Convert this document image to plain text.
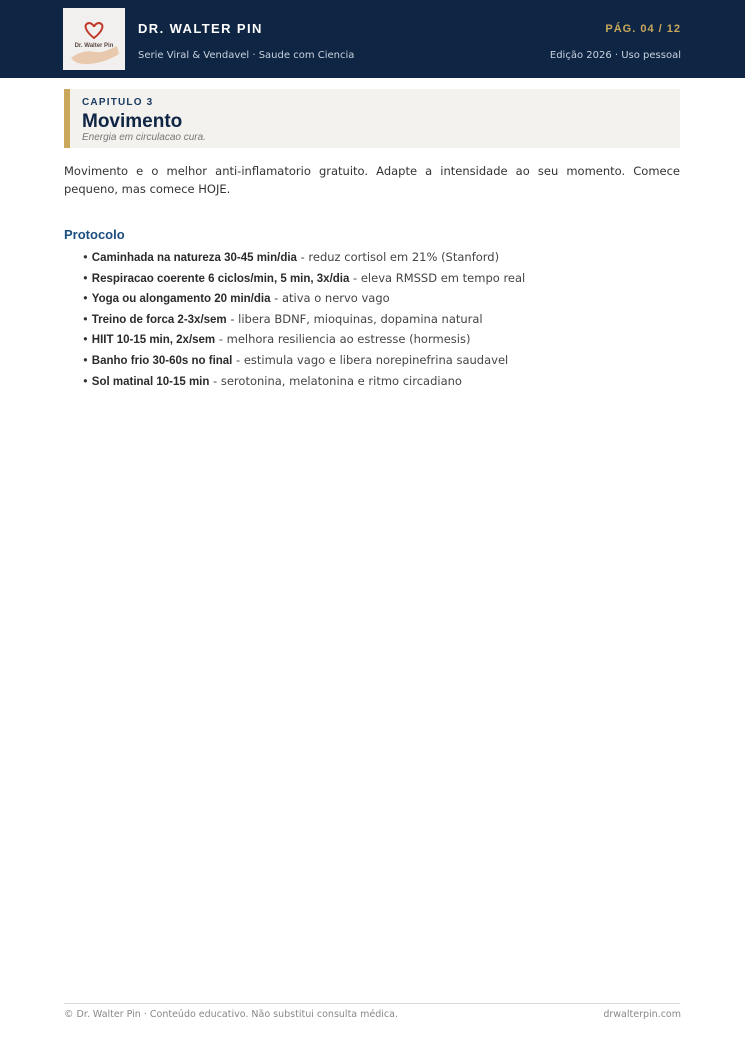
Dr. Walter Pin
DR. WALTER PIN
Serie Viral & Vendavel · Saude com Ciencia
PÁG. 04 / 12
Edição 2026 · Uso pessoal
CAPITULO 3
Movimento
Energia em circulacao cura.

Movimento e o melhor anti-inflamatorio gratuito. Adapte a intensidade ao seu momento. Comece pequeno, mas comece HOJE.

Protocolo
• Caminhada na natureza 30-45 min/dia - reduz cortisol em 21% (Stanford)
• Respiracao coerente 6 ciclos/min, 5 min, 3x/dia - eleva RMSSD em tempo real
• Yoga ou alongamento 20 min/dia - ativa o nervo vago
• Treino de forca 2-3x/sem - libera BDNF, mioquinas, dopamina natural
• HIIT 10-15 min, 2x/sem - melhora resiliencia ao estresse (hormesis)
• Banho frio 30-60s no final - estimula vago e libera norepinefrina saudavel
• Sol matinal 10-15 min - serotonina, melatonina e ritmo circadiano
© Dr. Walter Pin · Conteúdo educativo. Não substitui consulta médica.	drwalterpin.com
